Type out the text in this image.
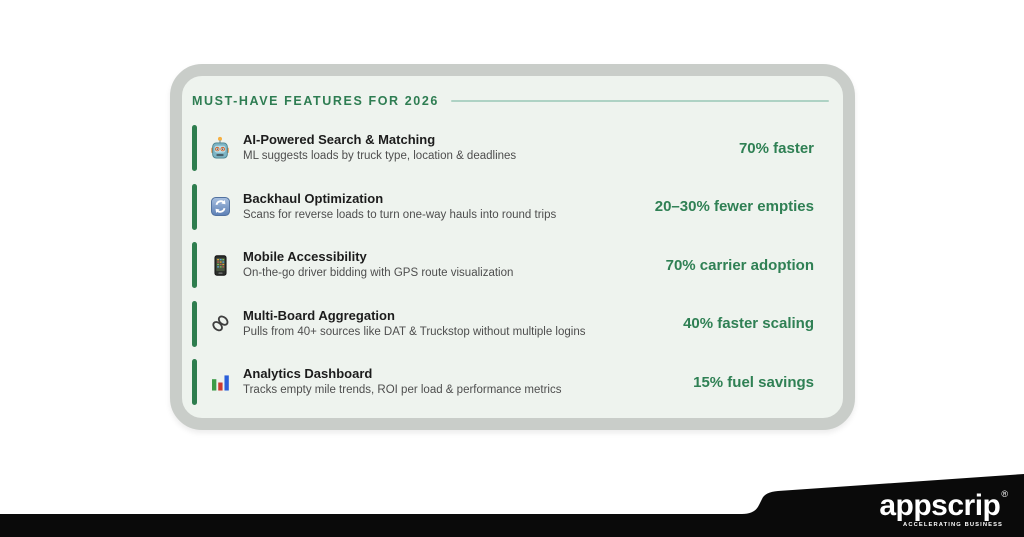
MUST-HAVE FEATURES FOR 2026
AI-Powered Search & Matching
ML suggests loads by truck type, location & deadlines	70% faster
Backhaul Optimization
Scans for reverse loads to turn one-way hauls into round trips	20–30% fewer empties
Mobile Accessibility
On-the-go driver bidding with GPS route visualization	70% carrier adoption
Multi-Board Aggregation
Pulls from 40+ sources like DAT & Truckstop without multiple logins	40% faster scaling
Analytics Dashboard
Tracks empty mile trends, ROI per load & performance metrics	15% fuel savings
appscrip®
ACCELERATING BUSINESS
